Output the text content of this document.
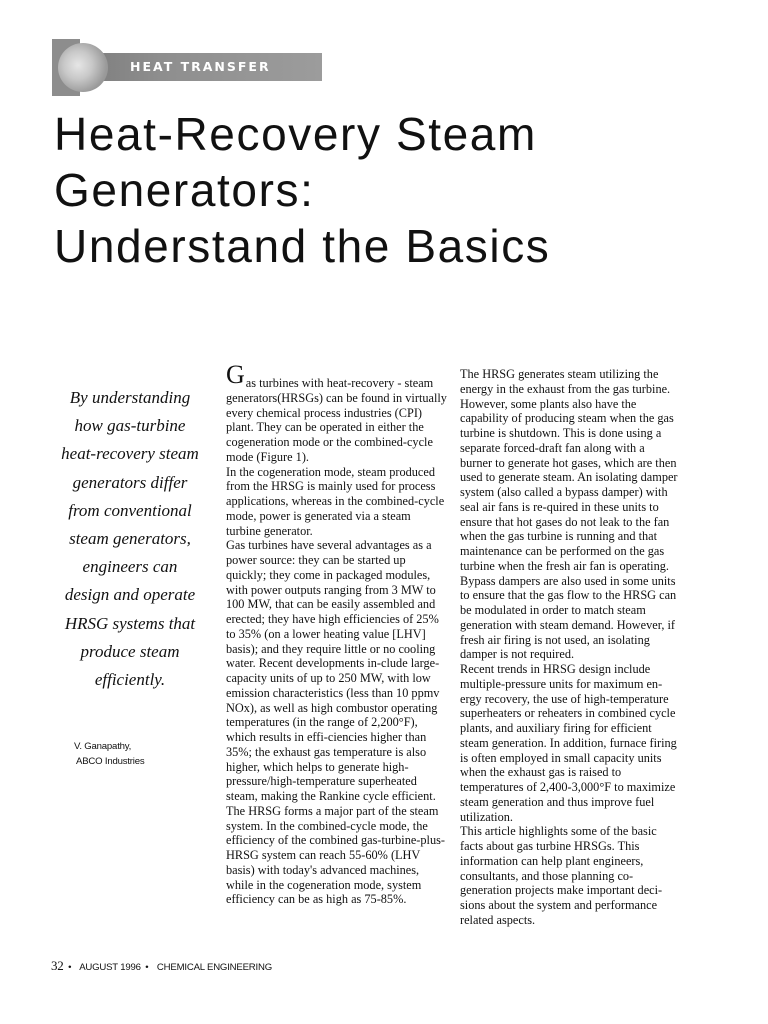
HEAT TRANSFER
Heat-Recovery Steam
Generators:
Understand the Basics
By understanding
how gas-turbine
heat-recovery steam
generators differ
from conventional
steam generators,
engineers can
design and operate
HRSG systems that
produce steam
efficiently.
V. Ganapathy,
ABCO Industries

Gas turbines with heat-recovery - steam generators(HRSGs) can be found in virtually every chemical process industries (CPI) plant. They can be operated in either the cogeneration mode or the combined-cycle mode (Figure 1).

In the cogeneration mode, steam produced from the HRSG is mainly used for process applications, whereas in the combined-cycle mode, power is generated via a steam turbine generator.

Gas turbines have several advantages as a power source: they can be started up quickly; they come in packaged modules, with power outputs ranging from 3 MW to 100 MW, that can be easily assembled and erected; they have high efficiencies of 25% to 35% (on a lower heating value [LHV] basis); and they require little or no cooling water. Recent developments in-clude large-capacity units of up to 250 MW, with low emission characteristics (less than 10 ppmv NOx), as well as high combustor operating temperatures (in the range of 2,200°F), which results in effi-ciencies higher than 35%; the exhaust gas temperature is also higher, which helps to generate high-pressure/high-temperature superheated steam, making the Rankine cycle efficient.

The HRSG forms a major part of the steam system. In the combined-cycle mode, the efficiency of the combined gas-turbine-plus-HRSG system can reach 55-60% (LHV basis) with today's advanced machines, while in the cogeneration mode, system efficiency can be as high as 75-85%.

The HRSG generates steam utilizing the energy in the exhaust from the gas turbine. However, some plants also have the capability of producing steam when the gas turbine is shutdown. This is done using a separate forced-draft fan along with a burner to generate hot gases, which are then used to generate steam. An isolating damper system (also called a bypass damper) with seal air fans is re-quired in these units to ensure that hot gases do not leak to the fan when the gas turbine is running and that maintenance can be performed on the gas turbine when the fresh air fan is operating. Bypass dampers are also used in some units to ensure that the gas flow to the HRSG can be modulated in order to match steam generation with steam demand. However, if fresh air firing is not used, an isolating damper is not required.

Recent trends in HRSG design include multiple-pressure units for maximum en-ergy recovery, the use of high-temperature superheaters or reheaters in combined cycle plants, and auxiliary firing for efficient steam generation. In addition, furnace firing is often employed in small capacity units when the exhaust gas is raised to temperatures of 2,400-3,000°F to maximize steam generation and thus improve fuel utilization.

This article highlights some of the basic facts about gas turbine HRSGs. This information can help plant engineers, consultants, and those planning co-generation projects make important deci-sions about the system and performance related aspects.

32 • AUGUST 1996 • CHEMICAL ENGINEERING
